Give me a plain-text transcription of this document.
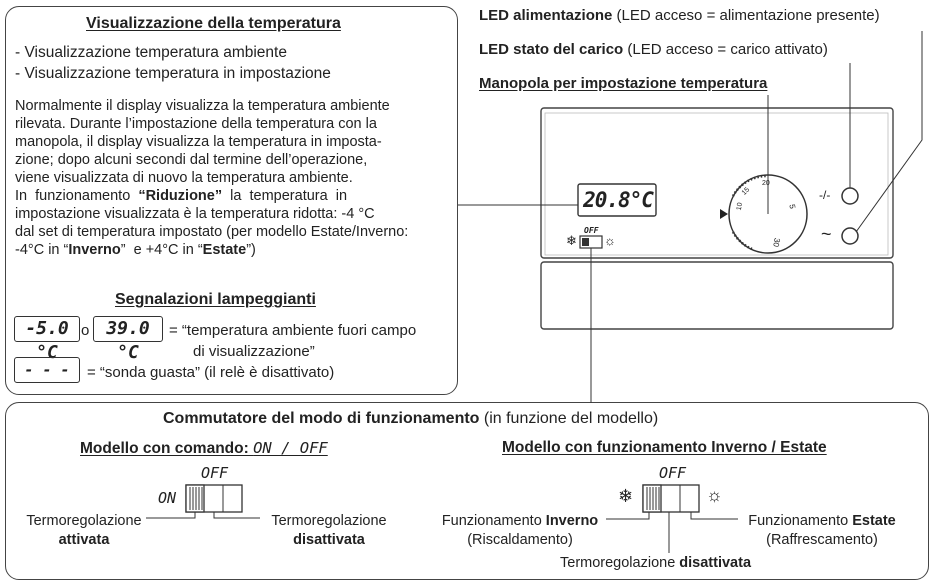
Visualizzazione della temperatura
- Visualizzazione temperatura ambiente
- Visualizzazione temperatura in impostazione
Normalmente il display visualizza la temperatura ambiente
rilevata. Durante l’impostazione della temperatura con la
manopola, il display visualizza la temperatura in imposta-
zione; dopo alcuni secondi dal termine dell’operazione,
viene visualizzata di nuovo la temperatura ambiente.
In  funzionamento  “Riduzione”  la  temperatura  in
impostazione visualizzata è la temperatura ridotta: -4 °C
dal set di temperatura impostato (per modello Estate/Inverno:
-4°C in “Inverno”  e +4°C in “Estate”)
Segnalazioni lampeggianti
-5.0 °C
o 39.0 °C
= “temperatura ambiente fuori campo
di visualizzazione”
- - -	= “sonda guasta” (il relè è disattivato)
LED alimentazione (LED acceso = alimentazione presente)
LED stato del carico (LED acceso = carico attivato)
Manopola per impostazione temperatura
20.8°C
OFF
❄ ☼
5
30
10
20
15	-/-
~
Commutatore del modo di funzionamento (in funzione del modello)
Modello con comando: ON / OFF
OFF
ON
Termoregolazione
attivata
Termoregolazione
disattivata
Modello con funzionamento Inverno / Estate
OFF
❄	☼
Funzionamento Inverno
(Riscaldamento)
Funzionamento Estate
(Raffrescamento)
Termoregolazione disattivata
